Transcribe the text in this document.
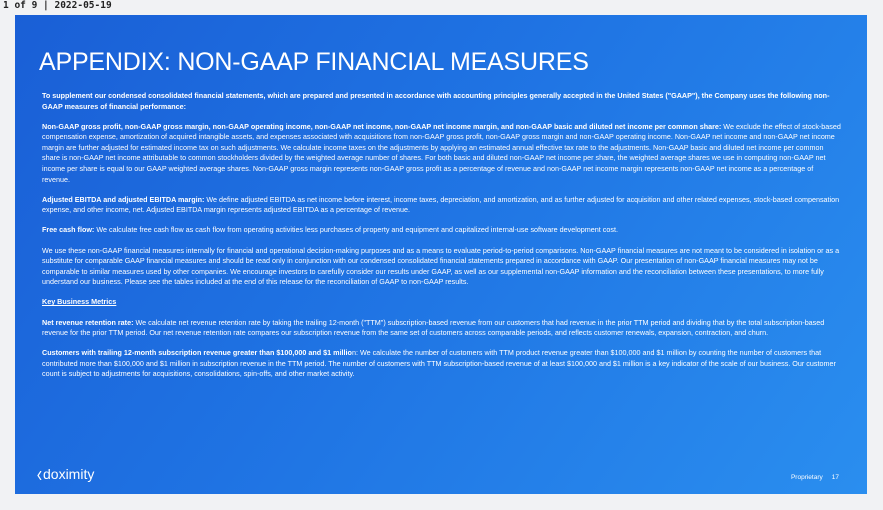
1 of 9 | 2022-05-19
APPENDIX: NON-GAAP FINANCIAL MEASURES

To supplement our condensed consolidated financial statements, which are prepared and presented in accordance with accounting principles generally accepted in the United States ("GAAP"), the Company uses the following non-GAAP measures of financial performance:

Non-GAAP gross profit, non-GAAP gross margin, non-GAAP operating income, non-GAAP net income, non-GAAP net income margin, and non-GAAP basic and diluted net income per common share: We exclude the effect of stock-based compensation expense, amortization of acquired intangible assets, and expenses associated with acquisitions from non-GAAP gross profit, non-GAAP gross margin and non-GAAP operating income. Non-GAAP net income and non-GAAP net income margin are further adjusted for estimated income tax on such adjustments. We calculate income taxes on the adjustments by applying an estimated annual effective tax rate to the adjustments. Non-GAAP basic and diluted net income per common share is non-GAAP net income attributable to common stockholders divided by the weighted average number of shares. For both basic and diluted non-GAAP net income per share, the weighted average shares we use in computing non-GAAP net income per share is equal to our GAAP weighted average shares. Non-GAAP gross margin represents non-GAAP gross profit as a percentage of revenue and non-GAAP net income margin represents non-GAAP net income as a percentage of revenue.

Adjusted EBITDA and adjusted EBITDA margin: We define adjusted EBITDA as net income before interest, income taxes, depreciation, and amortization, and as further adjusted for acquisition and other related expenses, stock-based compensation expense, and other income, net. Adjusted EBITDA margin represents adjusted EBITDA as a percentage of revenue.

Free cash flow: We calculate free cash flow as cash flow from operating activities less purchases of property and equipment and capitalized internal-use software development cost.

We use these non-GAAP financial measures internally for financial and operational decision-making purposes and as a means to evaluate period-to-period comparisons. Non-GAAP financial measures are not meant to be considered in isolation or as a substitute for comparable GAAP financial measures and should be read only in conjunction with our condensed consolidated financial statements prepared in accordance with GAAP. Our presentation of non-GAAP financial measures may not be comparable to similar measures used by other companies. We encourage investors to carefully consider our results under GAAP, as well as our supplemental non-GAAP information and the reconciliation between these presentations, to more fully understand our business. Please see the tables included at the end of this release for the reconciliation of GAAP to non-GAAP results.

Key Business Metrics

Net revenue retention rate: We calculate net revenue retention rate by taking the trailing 12-month ("TTM") subscription-based revenue from our customers that had revenue in the prior TTM period and dividing that by the total subscription-based revenue for the prior TTM period. Our net revenue retention rate compares our subscription revenue from the same set of customers across comparable periods, and reflects customer renewals, expansion, contraction, and churn.

Customers with trailing 12-month subscription revenue greater than $100,000 and $1 million: We calculate the number of customers with TTM product revenue greater than $100,000 and $1 million by counting the number of customers that contributed more than $100,000 and $1 million in subscription revenue in the TTM period. The number of customers with TTM subscription-based revenue of at least $100,000 and $1 million is a key indicator of the scale of our business. Our customer count is subject to adjustments for acquisitions, consolidations, spin-offs, and other market activity.

doximity	Proprietary 17
